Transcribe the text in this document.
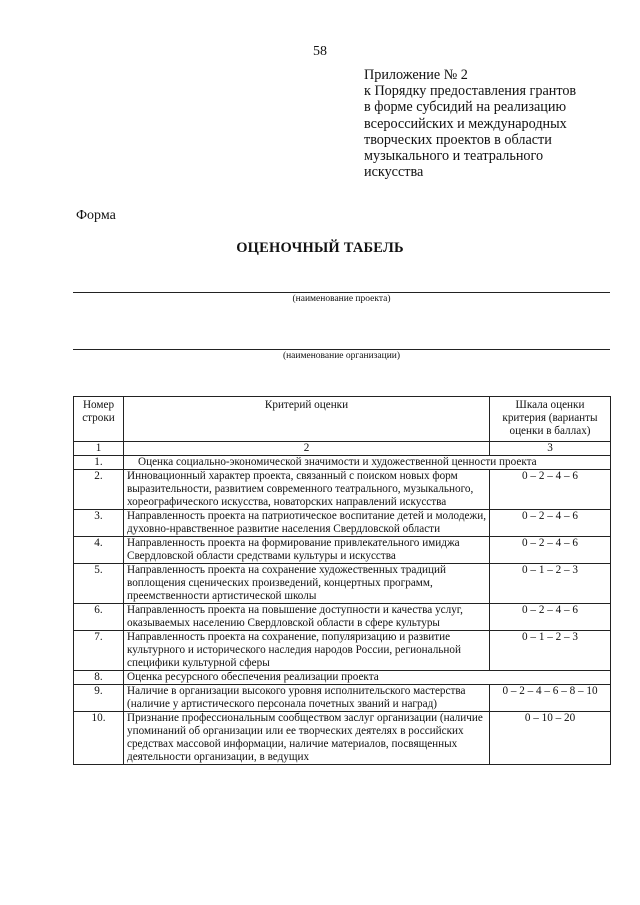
58
Приложение № 2
к Порядку предоставления грантов
в форме субсидий на реализацию
всероссийских и международных
творческих проектов в области
музыкального и театрального
искусства
Форма
ОЦЕНОЧНЫЙ ТАБЕЛЬ
(наименование проекта)
(наименование организации)
Номер строки	Критерий оценки	Шкала оценки критерия (варианты оценки в баллах)
1	2	3
1.	Оценка социально-экономической значимости и художественной ценности проекта	
2.	Инновационный характер проекта, связанный с поиском новых форм выразительности, развитием современного театрального, музыкального, хореографического искусства, новаторских направлений искусства	0 – 2 – 4 – 6
3.	Направленность проекта на патриотическое воспитание детей и молодежи, духовно-нравственное развитие населения Свердловской области	0 – 2 – 4 – 6
4.	Направленность проекта на формирование привлекательного имиджа Свердловской области средствами культуры и искусства	0 – 2 – 4 – 6
5.	Направленность проекта на сохранение художественных традиций воплощения сценических произведений, концертных программ, преемственности артистической школы	0 – 1 – 2 – 3
6.	Направленность проекта на повышение доступности и качества услуг, оказываемых населению Свердловской области в сфере культуры	0 – 2 – 4 – 6
7.	Направленность проекта на сохранение, популяризацию и развитие культурного и исторического наследия народов России, региональной специфики культурной сферы	0 – 1 – 2 – 3
8.	Оценка ресурсного обеспечения реализации проекта	
9.	Наличие в организации высокого уровня исполнительского мастерства (наличие у артистического персонала почетных званий и наград)	0 – 2 – 4 – 6 – 8 – 10
10.	Признание профессиональным сообществом заслуг организации (наличие упоминаний об организации или ее творческих деятелях в российских средствах массовой информации, наличие материалов, посвященных деятельности организации, в ведущих	0 – 10 – 20
